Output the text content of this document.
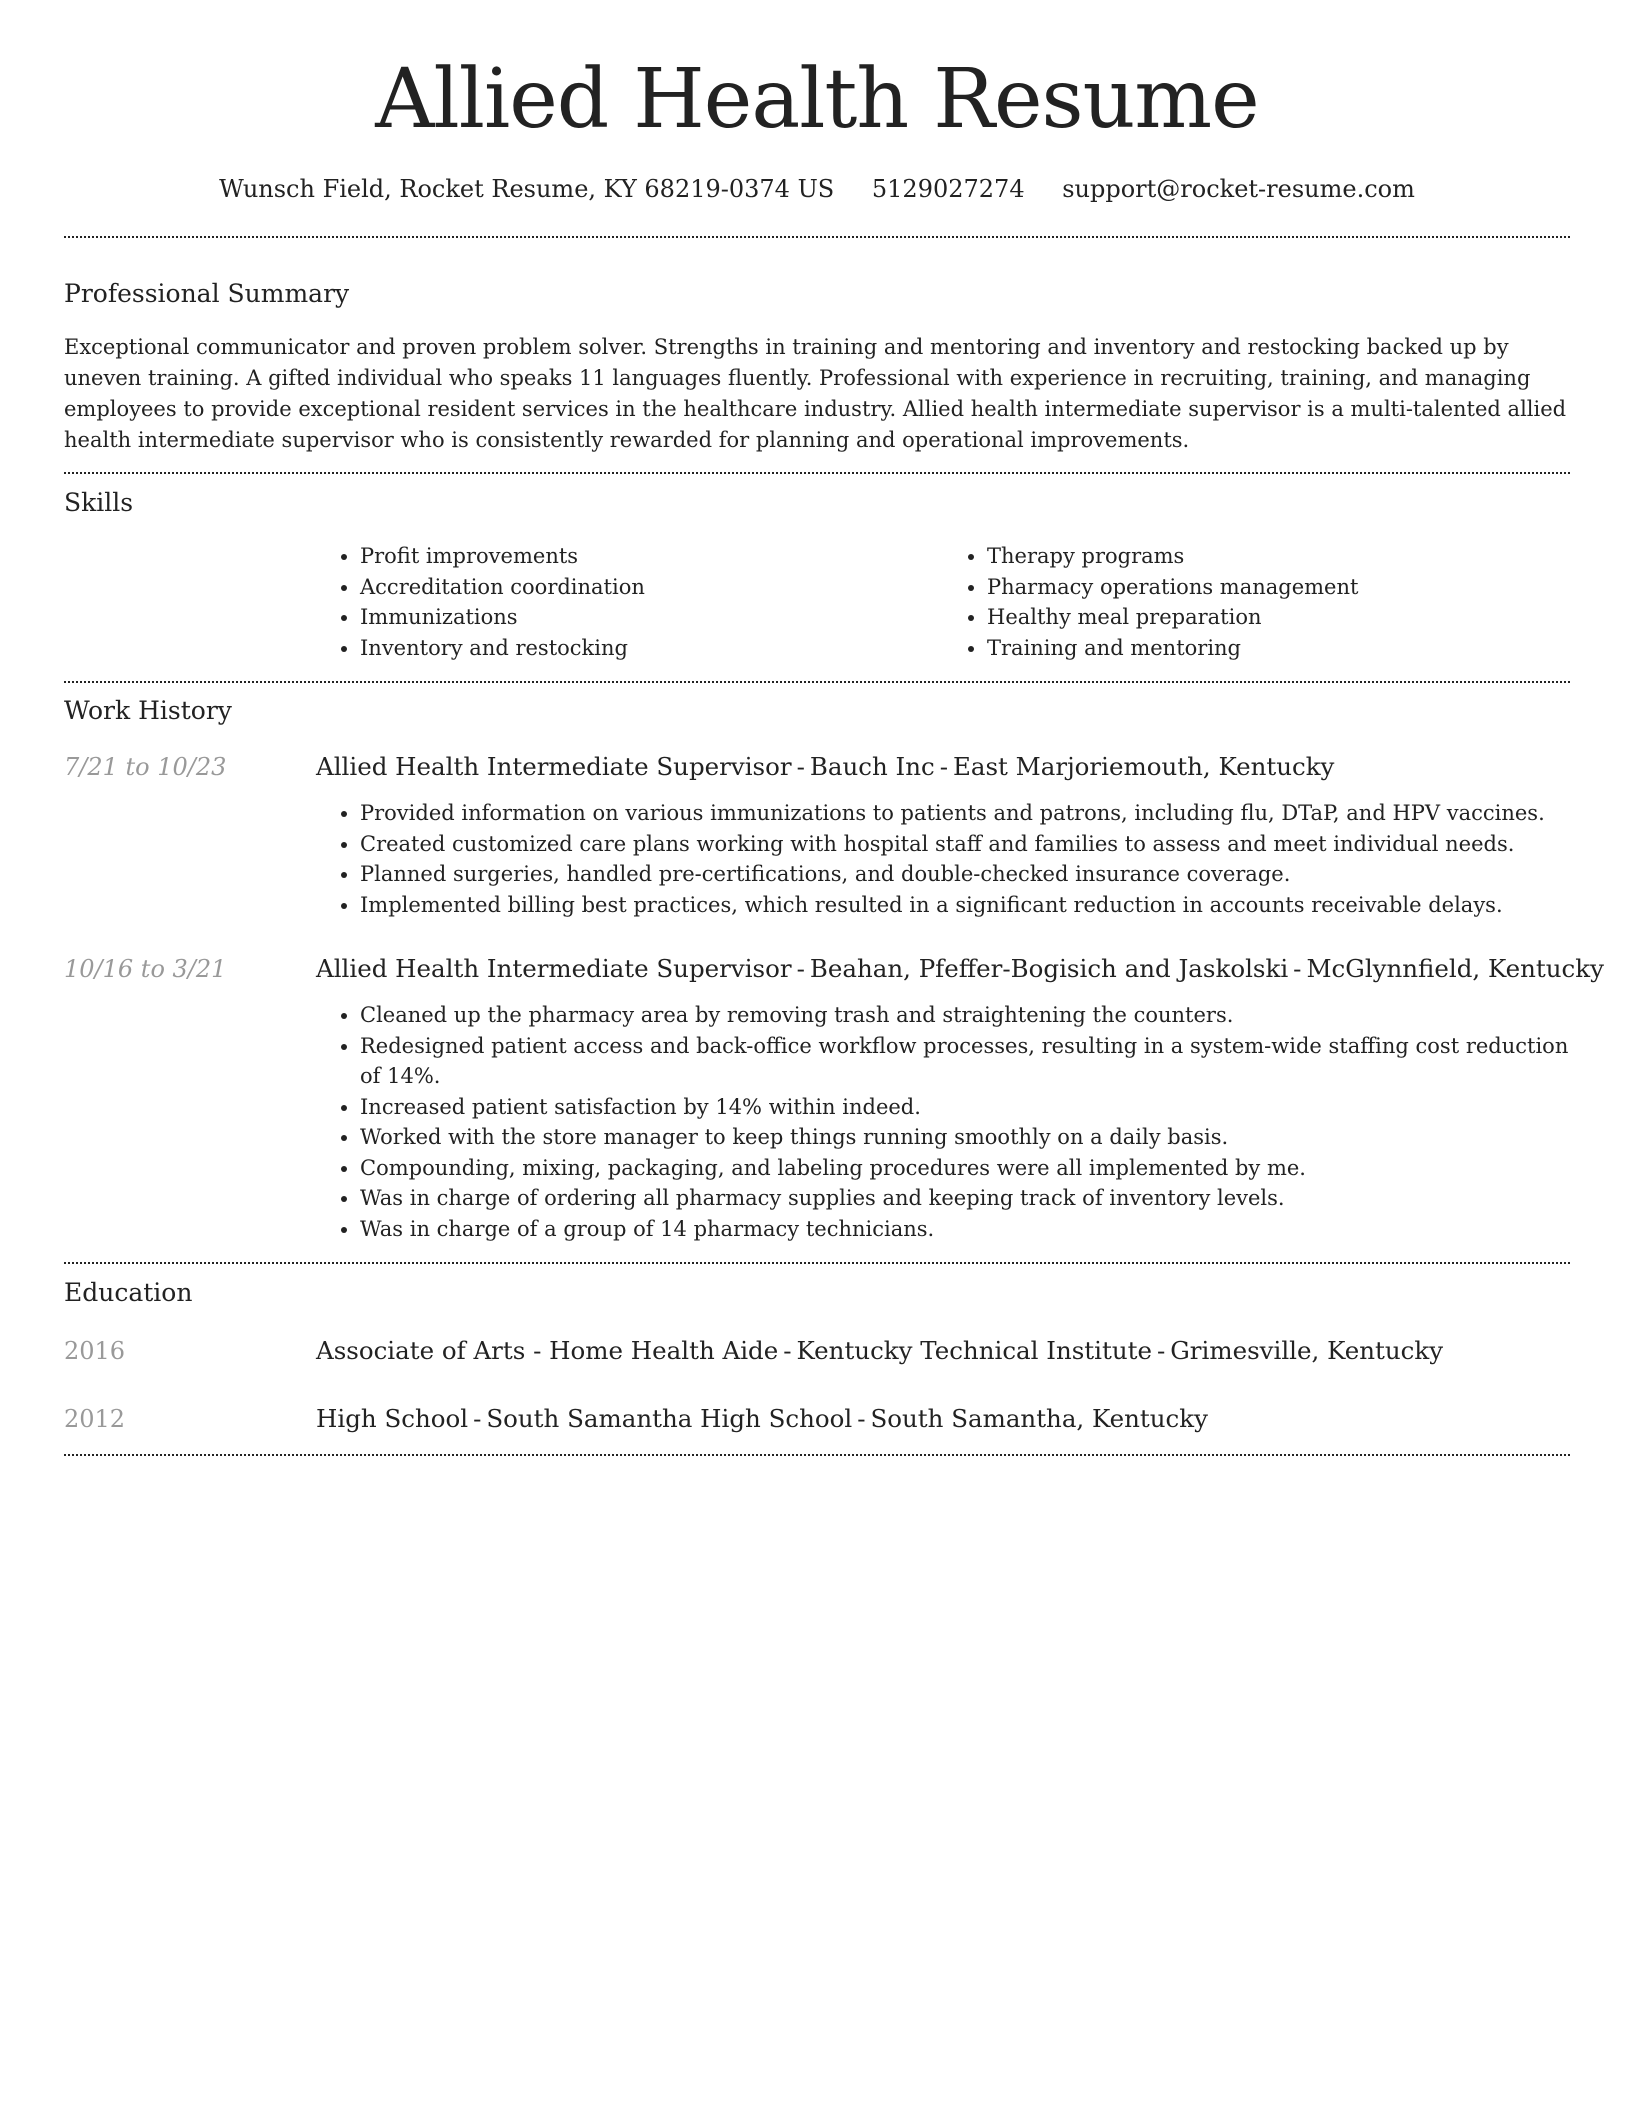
Allied Health Resume
Wunsch Field, Rocket Resume, KY 68219-0374 US 5129027274 support@rocket-resume.com
Professional Summary

Exceptional communicator and proven problem solver. Strengths in training and mentoring and inventory and restocking backed up by uneven training. A gifted individual who speaks 11 languages fluently. Professional with experience in recruiting, training, and managing employees to provide exceptional resident services in the healthcare industry. Allied health intermediate supervisor is a multi-talented allied health intermediate supervisor who is consistently rewarded for planning and operational improvements.

Skills
• Profit improvements
• Accreditation coordination
• Immunizations
• Inventory and restocking
• Therapy programs
• Pharmacy operations management
• Healthy meal preparation
• Training and mentoring
Work History
7/21 to 10/23	Allied Health Intermediate Supervisor - Bauch Inc - East Marjoriemouth, Kentucky
• Provided information on various immunizations to patients and patrons, including flu, DTaP, and HPV vaccines.
• Created customized care plans working with hospital staff and families to assess and meet individual needs.
• Planned surgeries, handled pre-certifications, and double-checked insurance coverage.
• Implemented billing best practices, which resulted in a significant reduction in accounts receivable delays.
10/16 to 3/21	Allied Health Intermediate Supervisor - Beahan, Pfeffer-Bogisich and Jaskolski - McGlynnfield, Kentucky
• Cleaned up the pharmacy area by removing trash and straightening the counters.
• Redesigned patient access and back-office workflow processes, resulting in a system-wide staffing cost reduction of 14%.
• Increased patient satisfaction by 14% within indeed.
• Worked with the store manager to keep things running smoothly on a daily basis.
• Compounding, mixing, packaging, and labeling procedures were all implemented by me.
• Was in charge of ordering all pharmacy supplies and keeping track of inventory levels.
• Was in charge of a group of 14 pharmacy technicians.
Education
2016	Associate of Arts - Home Health Aide - Kentucky Technical Institute - Grimesville, Kentucky
2012	High School - South Samantha High School - South Samantha, Kentucky
